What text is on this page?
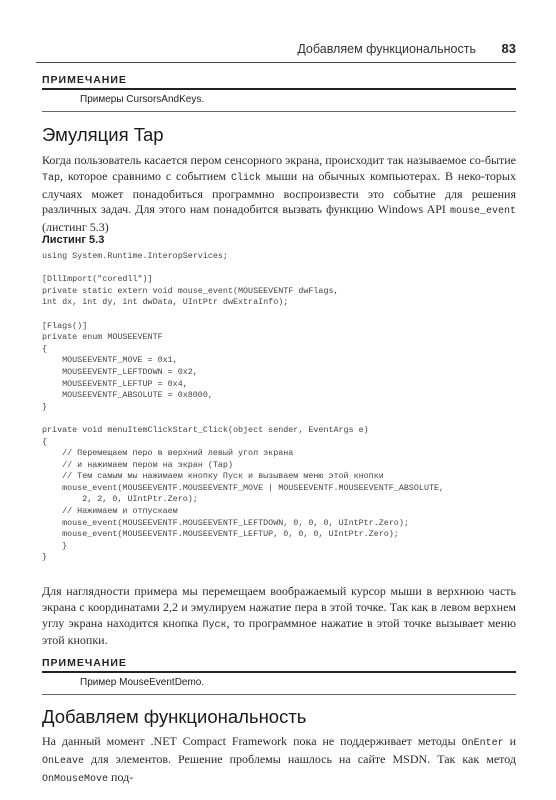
Добавляем функциональность 83
ПРИМЕЧАНИЕ
Примеры CursorsAndKeys.
Эмуляция Tap

Когда пользователь касается пером сенсорного экрана, происходит так называемое со-бытие Tap, которое сравнимо с событием Click мыши на обычных компьютерах. В неко-торых случаях может понадобиться программно воспроизвести это событие для решения различных задач. Для этого нам понадобится вызвать функцию Windows API mouse_event (листинг 5.3)

Листинг 5.3
using System.Runtime.InteropServices;
[DllImport("coredll")]
private static extern void mouse_event(MOUSEEVENTF dwFlags,
int dx, int dy, int dwData, UIntPtr dwExtraInfo);
[Flags()]
private enum MOUSEEVENTF
{
MOUSEEVENTF_MOVE = 0x1,
MOUSEEVENTF_LEFTDOWN = 0x2,
MOUSEEVENTF_LEFTUP = 0x4,
MOUSEEVENTF_ABSOLUTE = 0x8000,
}
private void menuItemClickStart_Click(object sender, EventArgs e)
{
// Перемещаем перо в верхний левый угол экрана
// и нажимаем пером на экран (Tap)
// Тем самым мы нажимаем кнопку Пуск и вызываем меню этой кнопки
mouse_event(MOUSEEVENTF.MOUSEEVENTF_MOVE | MOUSEEVENTF.MOUSEEVENTF_ABSOLUTE,
2, 2, 0, UIntPtr.Zero);
// Нажимаем и отпускаем
mouse_event(MOUSEEVENTF.MOUSEEVENTF_LEFTDOWN, 0, 0, 0, UIntPtr.Zero);
mouse_event(MOUSEEVENTF.MOUSEEVENTF_LEFTUP, 0, 0, 0, UIntPtr.Zero);
}
}

Для наглядности примера мы перемещаем воображаемый курсор мыши в верхнюю часть экрана с координатами 2,2 и эмулируем нажатие пера в этой точке. Так как в левом верхнем углу экрана находится кнопка Пуск, то программное нажатие в этой точке вызывает меню этой кнопки.

ПРИМЕЧАНИЕ
Пример MouseEventDemo.
Добавляем функциональность

На данный момент .NET Compact Framework пока не поддерживает методы OnEnter и OnLeave для элементов. Решение проблемы нашлось на сайте MSDN. Так как метод OnMouseMove под-
